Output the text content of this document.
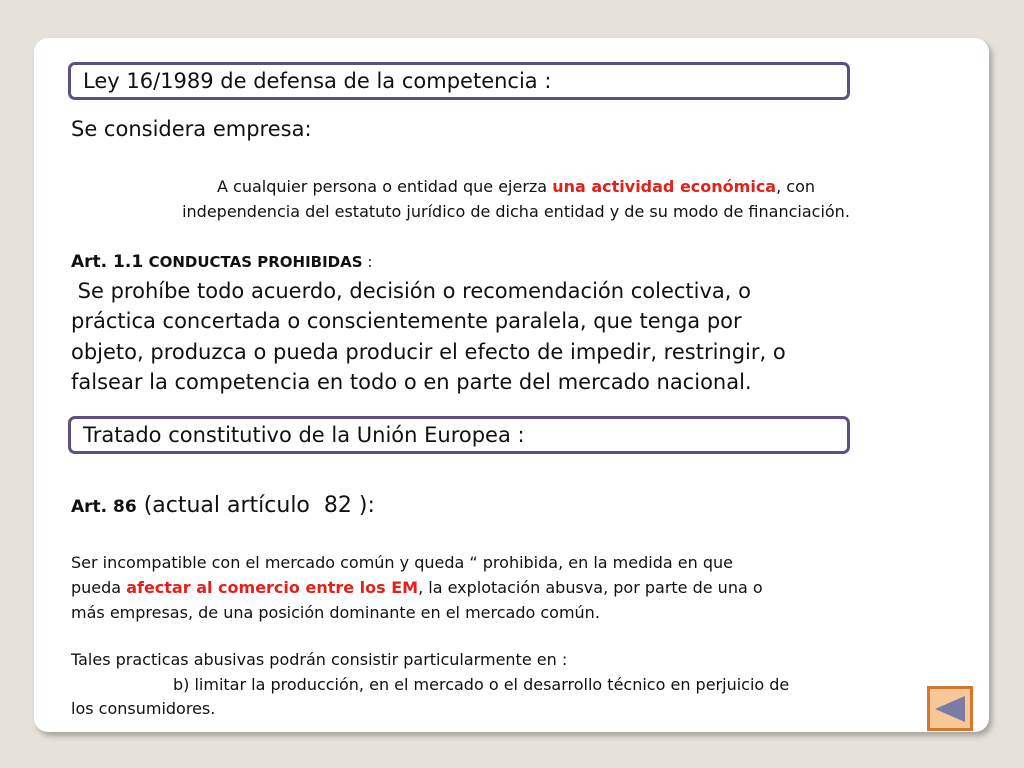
Ley 16/1989 de defensa de la competencia :

Se considera empresa:

A cualquier persona o entidad que ejerza una actividad económica, con

independencia del estatuto jurídico de dicha entidad y de su modo de financiación.

Art. 1.1 CONDUCTAS PROHIBIDAS :

Se prohíbe todo acuerdo, decisión o recomendación colectiva, o

práctica concertada o conscientemente paralela, que tenga por

objeto, produzca o pueda producir el efecto de impedir, restringir, o

falsear la competencia en todo o en parte del mercado nacional.

Tratado constitutivo de la Unión Europea :

Art. 86 (actual artículo  82 ):

Ser incompatible con el mercado común y queda “ prohibida, en la medida en que

pueda afectar al comercio entre los EM, la explotación abusva, por parte de una o

más empresas, de una posición dominante en el mercado común.

Tales practicas abusivas podrán consistir particularmente en :

b) limitar la producción, en el mercado o el desarrollo técnico en perjuicio de

los consumidores.
